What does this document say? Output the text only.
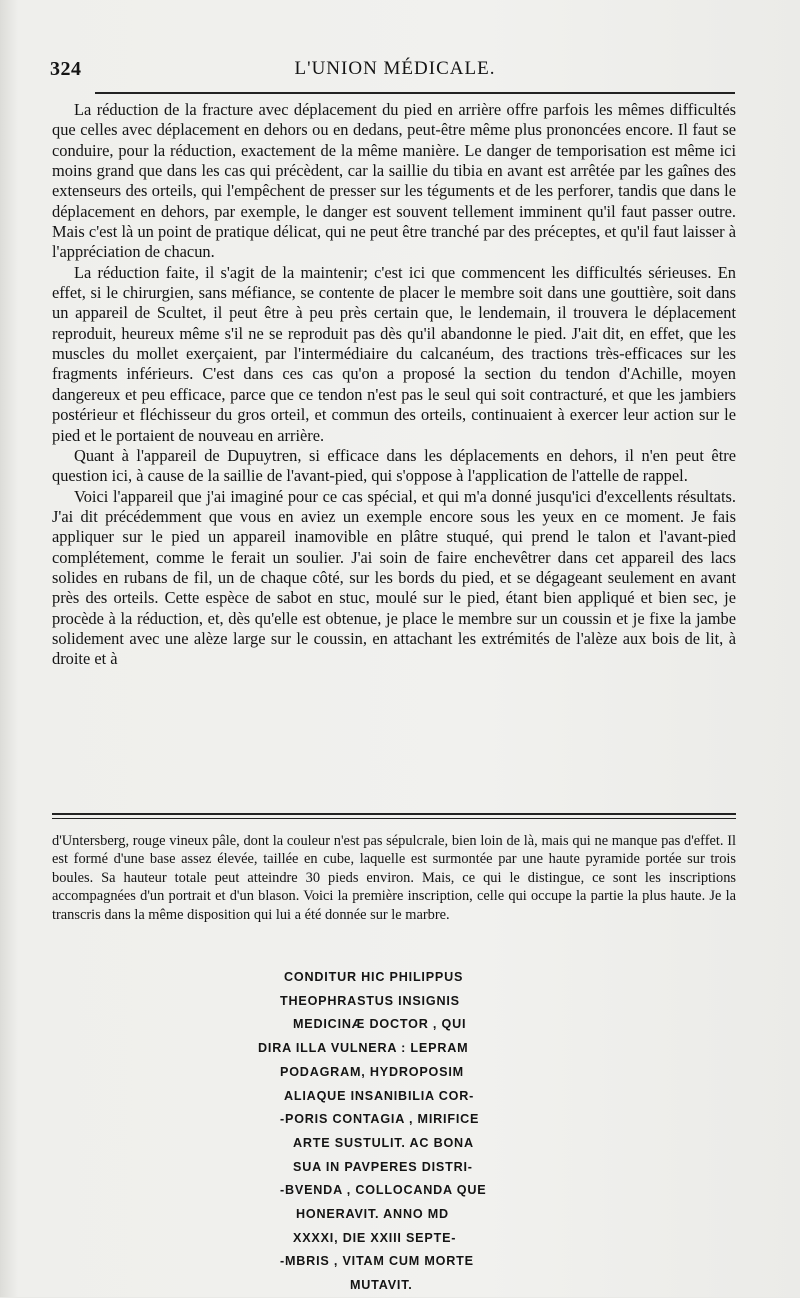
324	L'UNION MÉDICALE.

La réduction de la fracture avec déplacement du pied en arrière offre parfois les mêmes difficultés que celles avec déplacement en dehors ou en dedans, peut-être même plus prononcées encore. Il faut se conduire, pour la réduction, exactement de la même manière. Le danger de temporisation est même ici moins grand que dans les cas qui précèdent, car la saillie du tibia en avant est arrêtée par les gaînes des extenseurs des orteils, qui l'empêchent de presser sur les téguments et de les perforer, tandis que dans le déplacement en dehors, par exemple, le danger est souvent tellement imminent qu'il faut passer outre. Mais c'est là un point de pratique délicat, qui ne peut être tranché par des préceptes, et qu'il faut laisser à l'appréciation de chacun.

La réduction faite, il s'agit de la maintenir; c'est ici que commencent les difficultés sérieuses. En effet, si le chirurgien, sans méfiance, se contente de placer le membre soit dans une gouttière, soit dans un appareil de Scultet, il peut être à peu près certain que, le lendemain, il trouvera le déplacement reproduit, heureux même s'il ne se reproduit pas dès qu'il abandonne le pied. J'ait dit, en effet, que les muscles du mollet exerçaient, par l'intermédiaire du calcanéum, des tractions très-efficaces sur les fragments inférieurs. C'est dans ces cas qu'on a proposé la section du tendon d'Achille, moyen dangereux et peu efficace, parce que ce tendon n'est pas le seul qui soit contracturé, et que les jambiers postérieur et fléchisseur du gros orteil, et commun des orteils, continuaient à exercer leur action sur le pied et le portaient de nouveau en arrière.

Quant à l'appareil de Dupuytren, si efficace dans les déplacements en dehors, il n'en peut être question ici, à cause de la saillie de l'avant-pied, qui s'oppose à l'application de l'attelle de rappel.

Voici l'appareil que j'ai imaginé pour ce cas spécial, et qui m'a donné jusqu'ici d'excellents résultats. J'ai dit précédemment que vous en aviez un exemple encore sous les yeux en ce moment. Je fais appliquer sur le pied un appareil inamovible en plâtre stuqué, qui prend le talon et l'avant-pied complétement, comme le ferait un soulier. J'ai soin de faire enchevêtrer dans cet appareil des lacs solides en rubans de fil, un de chaque côté, sur les bords du pied, et se dégageant seulement en avant près des orteils. Cette espèce de sabot en stuc, moulé sur le pied, étant bien appliqué et bien sec, je procède à la réduction, et, dès qu'elle est obtenue, je place le membre sur un coussin et je fixe la jambe solidement avec une alèze large sur le coussin, en attachant les extrémités de l'alèze aux bois de lit, à droite et à

d'Untersberg, rouge vineux pâle, dont la couleur n'est pas sépulcrale, bien loin de là, mais qui ne manque pas d'effet. Il est formé d'une base assez élevée, taillée en cube, laquelle est surmontée par une haute pyramide portée sur trois boules. Sa hauteur totale peut atteindre 30 pieds environ. Mais, ce qui le distingue, ce sont les inscriptions accompagnées d'un portrait et d'un blason. Voici la première inscription, celle qui occupe la partie la plus haute. Je la transcris dans la même disposition qui lui a été donnée sur le marbre.

CONDITUR HIC PHILIPPUS
THEOPHRASTUS INSIGNIS
MEDICINÆ DOCTOR , QUI
DIRA ILLA VULNERA : LEPRAM
PODAGRAM, HYDROPOSIM
ALIAQUE INSANIBILIA COR-
-PORIS CONTAGIA , MIRIFICE
ARTE SUSTULIT. AC BONA
SUA IN PAVPERES DISTRI-
-BVENDA , COLLOCANDA QUE
HONERAVIT. ANNO MD
XXXXI, DIE XXIII SEPTE-
-MBRIS , VITAM CUM MORTE
MUTAVIT.
